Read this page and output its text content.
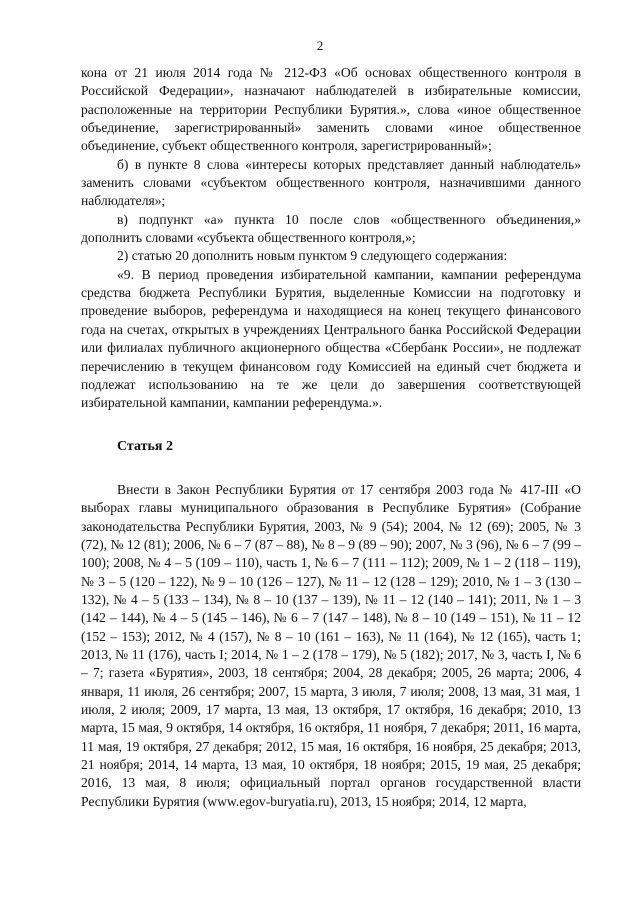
2

кона от 21 июля 2014 года № 212-ФЗ «Об основах общественного контроля в Российской Федерации», назначают наблюдателей в избирательные комиссии, расположенные на территории Республики Бурятия.», слова «иное общественное объединение, зарегистрированный» заменить словами «иное общественное объединение, субъект общественного контроля, зарегистрированный»;

б) в пункте 8 слова «интересы которых представляет данный наблюдатель» заменить словами «субъектом общественного контроля, назначившими данного наблюдателя»;

в) подпункт «а» пункта 10 после слов «общественного объединения,» дополнить словами «субъекта общественного контроля,»;

2) статью 20 дополнить новым пунктом 9 следующего содержания:

«9. В период проведения избирательной кампании, кампании референдума средства бюджета Республики Бурятия, выделенные Комиссии на подготовку и проведение выборов, референдума и находящиеся на конец текущего финансового года на счетах, открытых в учреждениях Центрального банка Российской Федерации или филиалах публичного акционерного общества «Сбербанк России», не подлежат перечислению в текущем финансовом году Комиссией на единый счет бюджета и подлежат использованию на те же цели до завершения соответствующей избирательной кампании, кампании референдума.».

Статья 2

Внести в Закон Республики Бурятия от 17 сентября 2003 года № 417-III «О выборах главы муниципального образования в Республике Бурятия» (Собрание законодательства Республики Бурятия, 2003, № 9 (54); 2004, № 12 (69); 2005, № 3 (72), № 12 (81); 2006, № 6 – 7 (87 – 88), № 8 – 9 (89 – 90); 2007, № 3 (96), № 6 – 7 (99 – 100); 2008, № 4 – 5 (109 – 110), часть 1, № 6 – 7 (111 – 112); 2009, № 1 – 2 (118 – 119), № 3 – 5 (120 – 122), № 9 – 10 (126 – 127), № 11 – 12 (128 – 129); 2010, № 1 – 3 (130 – 132), № 4 – 5 (133 – 134), № 8 – 10 (137 – 139), № 11 – 12 (140 – 141); 2011, № 1 – 3 (142 – 144), № 4 – 5 (145 – 146), № 6 – 7 (147 – 148), № 8 – 10 (149 – 151), № 11 – 12 (152 – 153); 2012, № 4 (157), № 8 – 10 (161 – 163), № 11 (164), № 12 (165), часть 1; 2013, № 11 (176), часть I; 2014, № 1 – 2 (178 – 179), № 5 (182); 2017, № 3, часть I, № 6 – 7; газета «Бурятия», 2003, 18 сентября; 2004, 28 декабря; 2005, 26 марта; 2006, 4 января, 11 июля, 26 сентября; 2007, 15 марта, 3 июля, 7 июля; 2008, 13 мая, 31 мая, 1 июля, 2 июля; 2009, 17 марта, 13 мая, 13 октября, 17 октября, 16 декабря; 2010, 13 марта, 15 мая, 9 октября, 14 октября, 16 октября, 11 ноября, 7 декабря; 2011, 16 марта, 11 мая, 19 октября, 27 декабря; 2012, 15 мая, 16 октября, 16 ноября, 25 декабря; 2013, 21 ноября; 2014, 14 марта, 13 мая, 10 октября, 18 ноября; 2015, 19 мая, 25 декабря; 2016, 13 мая, 8 июля; официальный портал органов государственной власти Республики Бурятия (www.egov-buryatia.ru), 2013, 15 ноября; 2014, 12 марта,
